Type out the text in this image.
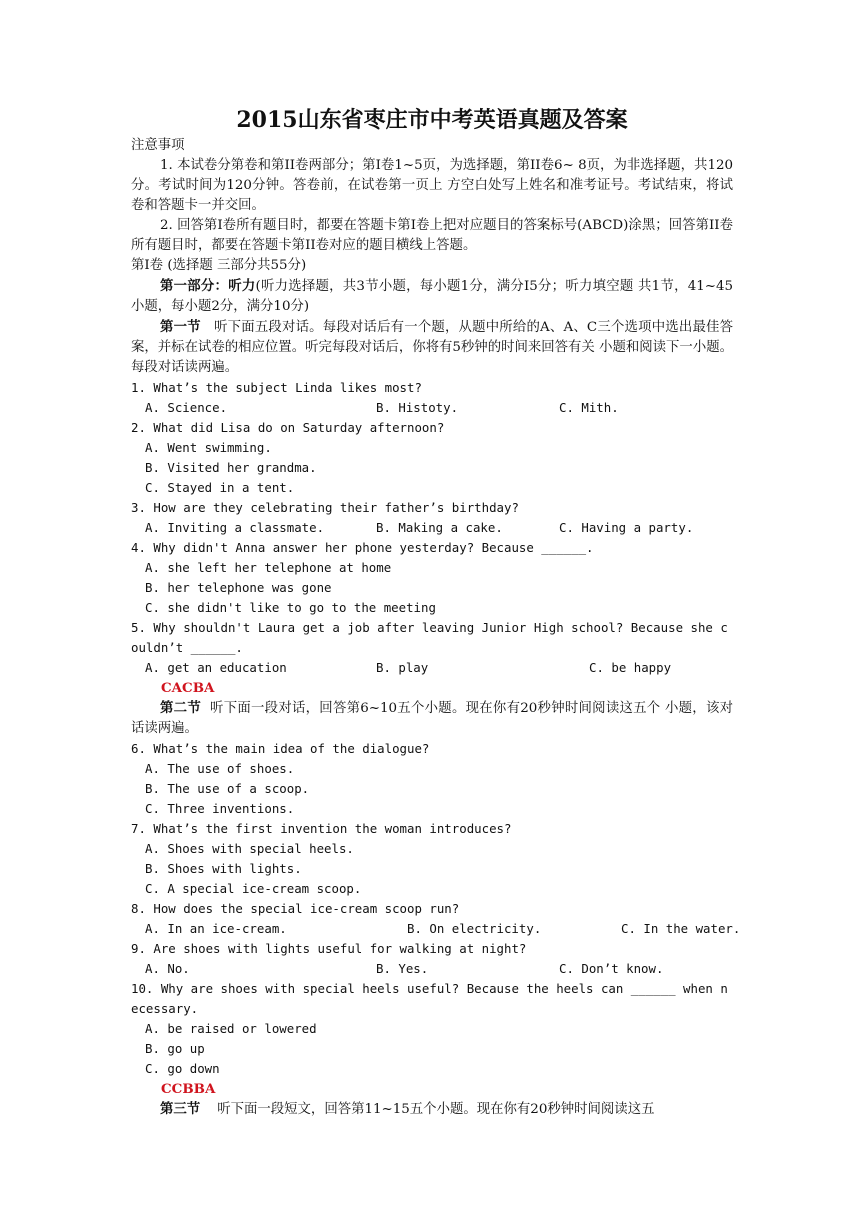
2015山东省枣庄市中考英语真题及答案
注意事项
1. 本试卷分第卷和第II卷两部分；第I卷1~5页，为选择题，第II卷6~ 8页，为非选择题，共120分。考试时间为120分钟。答卷前，在试卷第一页上 方空白处写上姓名和准考证号。考试结束，将试卷和答题卡一并交回。
2. 回答第I卷所有题目时，都要在答题卡第I卷上把对应题目的答案标号(ABCD)涂黑；回答第II卷所有题目时，都要在答题卡第II卷对应的题目横线上答题。
第I卷 (选择题 三部分共55分)
第一部分：听力(听力选择题，共3节小题，每小题1分，满分I5分；听力填空题 共1节，41~45小题，每小题2分，满分10分)
第一节   听下面五段对话。每段对话后有一个题，从题中所给的A、A、C三个选项中选出最佳答案，并标在试卷的相应位置。听完每段对话后，你将有5秒钟的时间来回答有关 小题和阅读下一小题。每段对话读两遍。
1. What’s the subject Linda likes most?

A. Science.

	B. Histoty.

	C. Mith.

2. What did Lisa do on Saturday afternoon?
A. Went swimming.
B. Visited her grandma.
C. Stayed in a tent.
3. How are they celebrating their father’s birthday?

A. Inviting a classmate.

	B. Making a cake.

	C. Having a party.

4. Why didn't Anna answer her phone yesterday? Because ______.
A. she left her telephone at home
B. her telephone was gone
C. she didn't like to go to the meeting
5. Why shouldn't Laura get a job after leaving Junior High school? Because she couldn’t ______.

A. get an education

	B. play

	C. be happy

CACBA
第二节  听下面一段对话，回答第6~10五个小题。现在你有20秒钟时间阅读这五个 小题，该对话读两遍。
6. What’s the main idea of the dialogue?
A. The use of shoes.
B. The use of a scoop.
C. Three inventions.
7. What’s the first invention the woman introduces?
A. Shoes with special heels.
B. Shoes with lights.
C. A special ice-cream scoop.
8. How does the special ice-cream scoop run?

A. In an ice-cream.

	B. On electricity.

	C. In the water.

9. Are shoes with lights useful for walking at night?

A. No.

	B. Yes.

	C. Don’t know.

10. Why are shoes with special heels useful? Because the heels can ______ when necessary.
A. be raised or lowered
B. go up
C. go down
CCBBA
第三节    听下面一段短文，回答第11~15五个小题。现在你有20秒钟时间阅读这五
